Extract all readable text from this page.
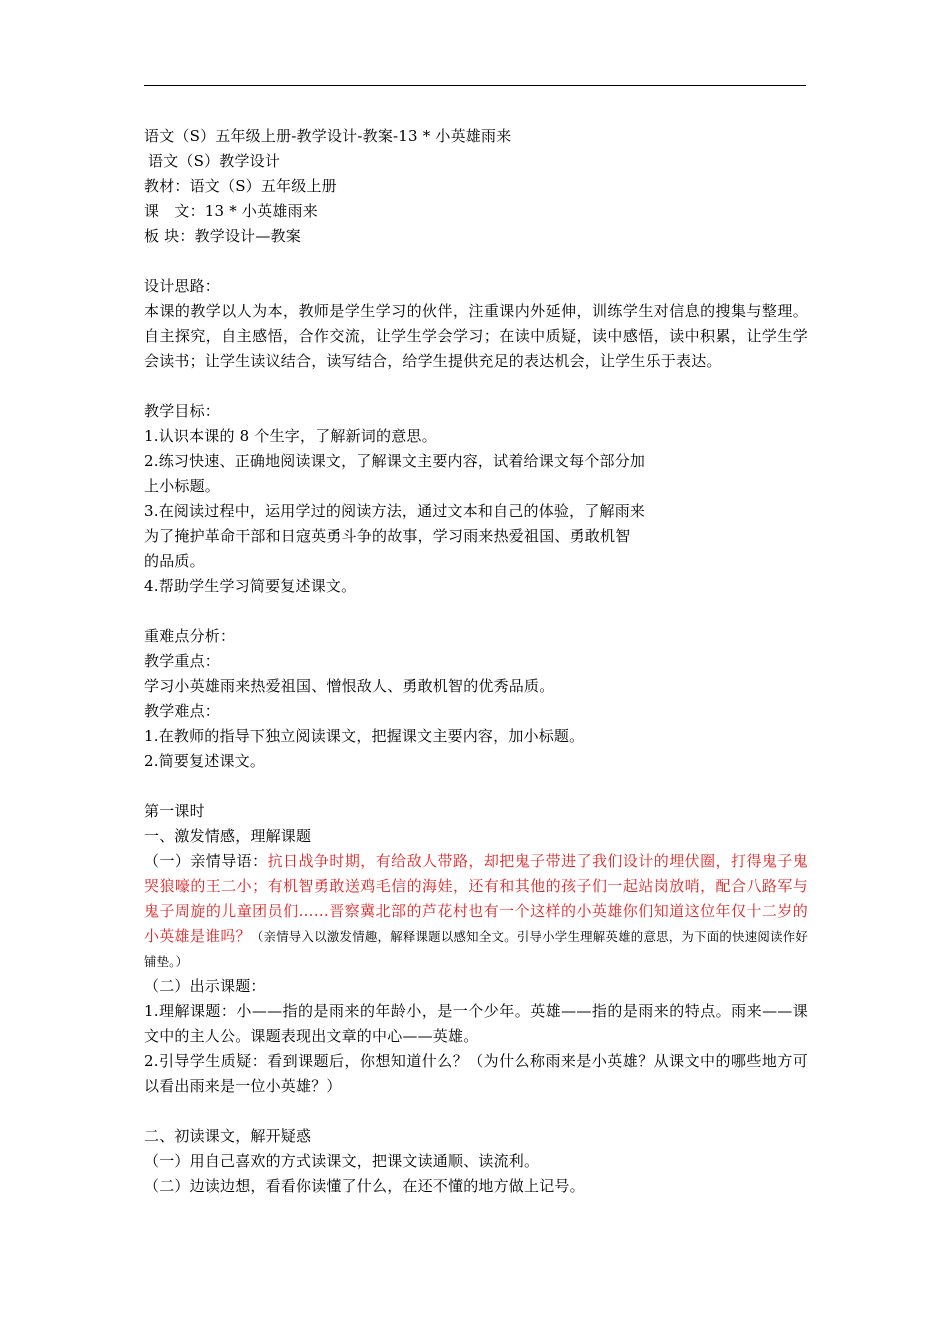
语文（S）五年级上册-教学设计-教案-13 * 小英雄雨来
语文（S）教学设计
教材：语文（S）五年级上册
课　文：13 * 小英雄雨来
板 块：教学设计—教案
设计思路：
本课的教学以人为本，教师是学生学习的伙伴，注重课内外延伸，训练学生对信息的搜集与整理。自主探究，自主感悟，合作交流，让学生学会学习；在读中质疑，读中感悟，读中积累，让学生学会读书；让学生读议结合，读写结合，给学生提供充足的表达机会，让学生乐于表达。
教学目标：
1.认识本课的 8 个生字，了解新词的意思。
2.练习快速、正确地阅读课文，了解课文主要内容，试着给课文每个部分加
上小标题。
3.在阅读过程中，运用学过的阅读方法，通过文本和自己的体验，了解雨来
为了掩护革命干部和日寇英勇斗争的故事，学习雨来热爱祖国、勇敢机智
的品质。
4.帮助学生学习简要复述课文。
重难点分析：
教学重点：
学习小英雄雨来热爱祖国、憎恨敌人、勇敢机智的优秀品质。
教学难点：
1.在教师的指导下独立阅读课文，把握课文主要内容，加小标题。
2.简要复述课文。
第一课时
一、激发情感，理解课题
（一）亲情导语：抗日战争时期，有给敌人带路，却把鬼子带进了我们设计的埋伏圈，打得鬼子鬼哭狼嚎的王二小；有机智勇敢送鸡毛信的海娃，还有和其他的孩子们一起站岗放哨，配合八路军与鬼子周旋的儿童团员们……晋察冀北部的芦花村也有一个这样的小英雄你们知道这位年仅十二岁的小英雄是谁吗？（亲情导入以激发情趣，解释课题以感知全文。引导小学生理解英雄的意思，为下面的快速阅读作好铺垫。）
（二）出示课题：
1.理解课题：小——指的是雨来的年龄小，是一个少年。英雄——指的是雨来的特点。雨来——课文中的主人公。课题表现出文章的中心——英雄。
2.引导学生质疑：看到课题后，你想知道什么？（为什么称雨来是小英雄？从课文中的哪些地方可以看出雨来是一位小英雄？）
二、初读课文，解开疑惑
（一）用自己喜欢的方式读课文，把课文读通顺、读流利。
（二）边读边想，看看你读懂了什么，在还不懂的地方做上记号。
